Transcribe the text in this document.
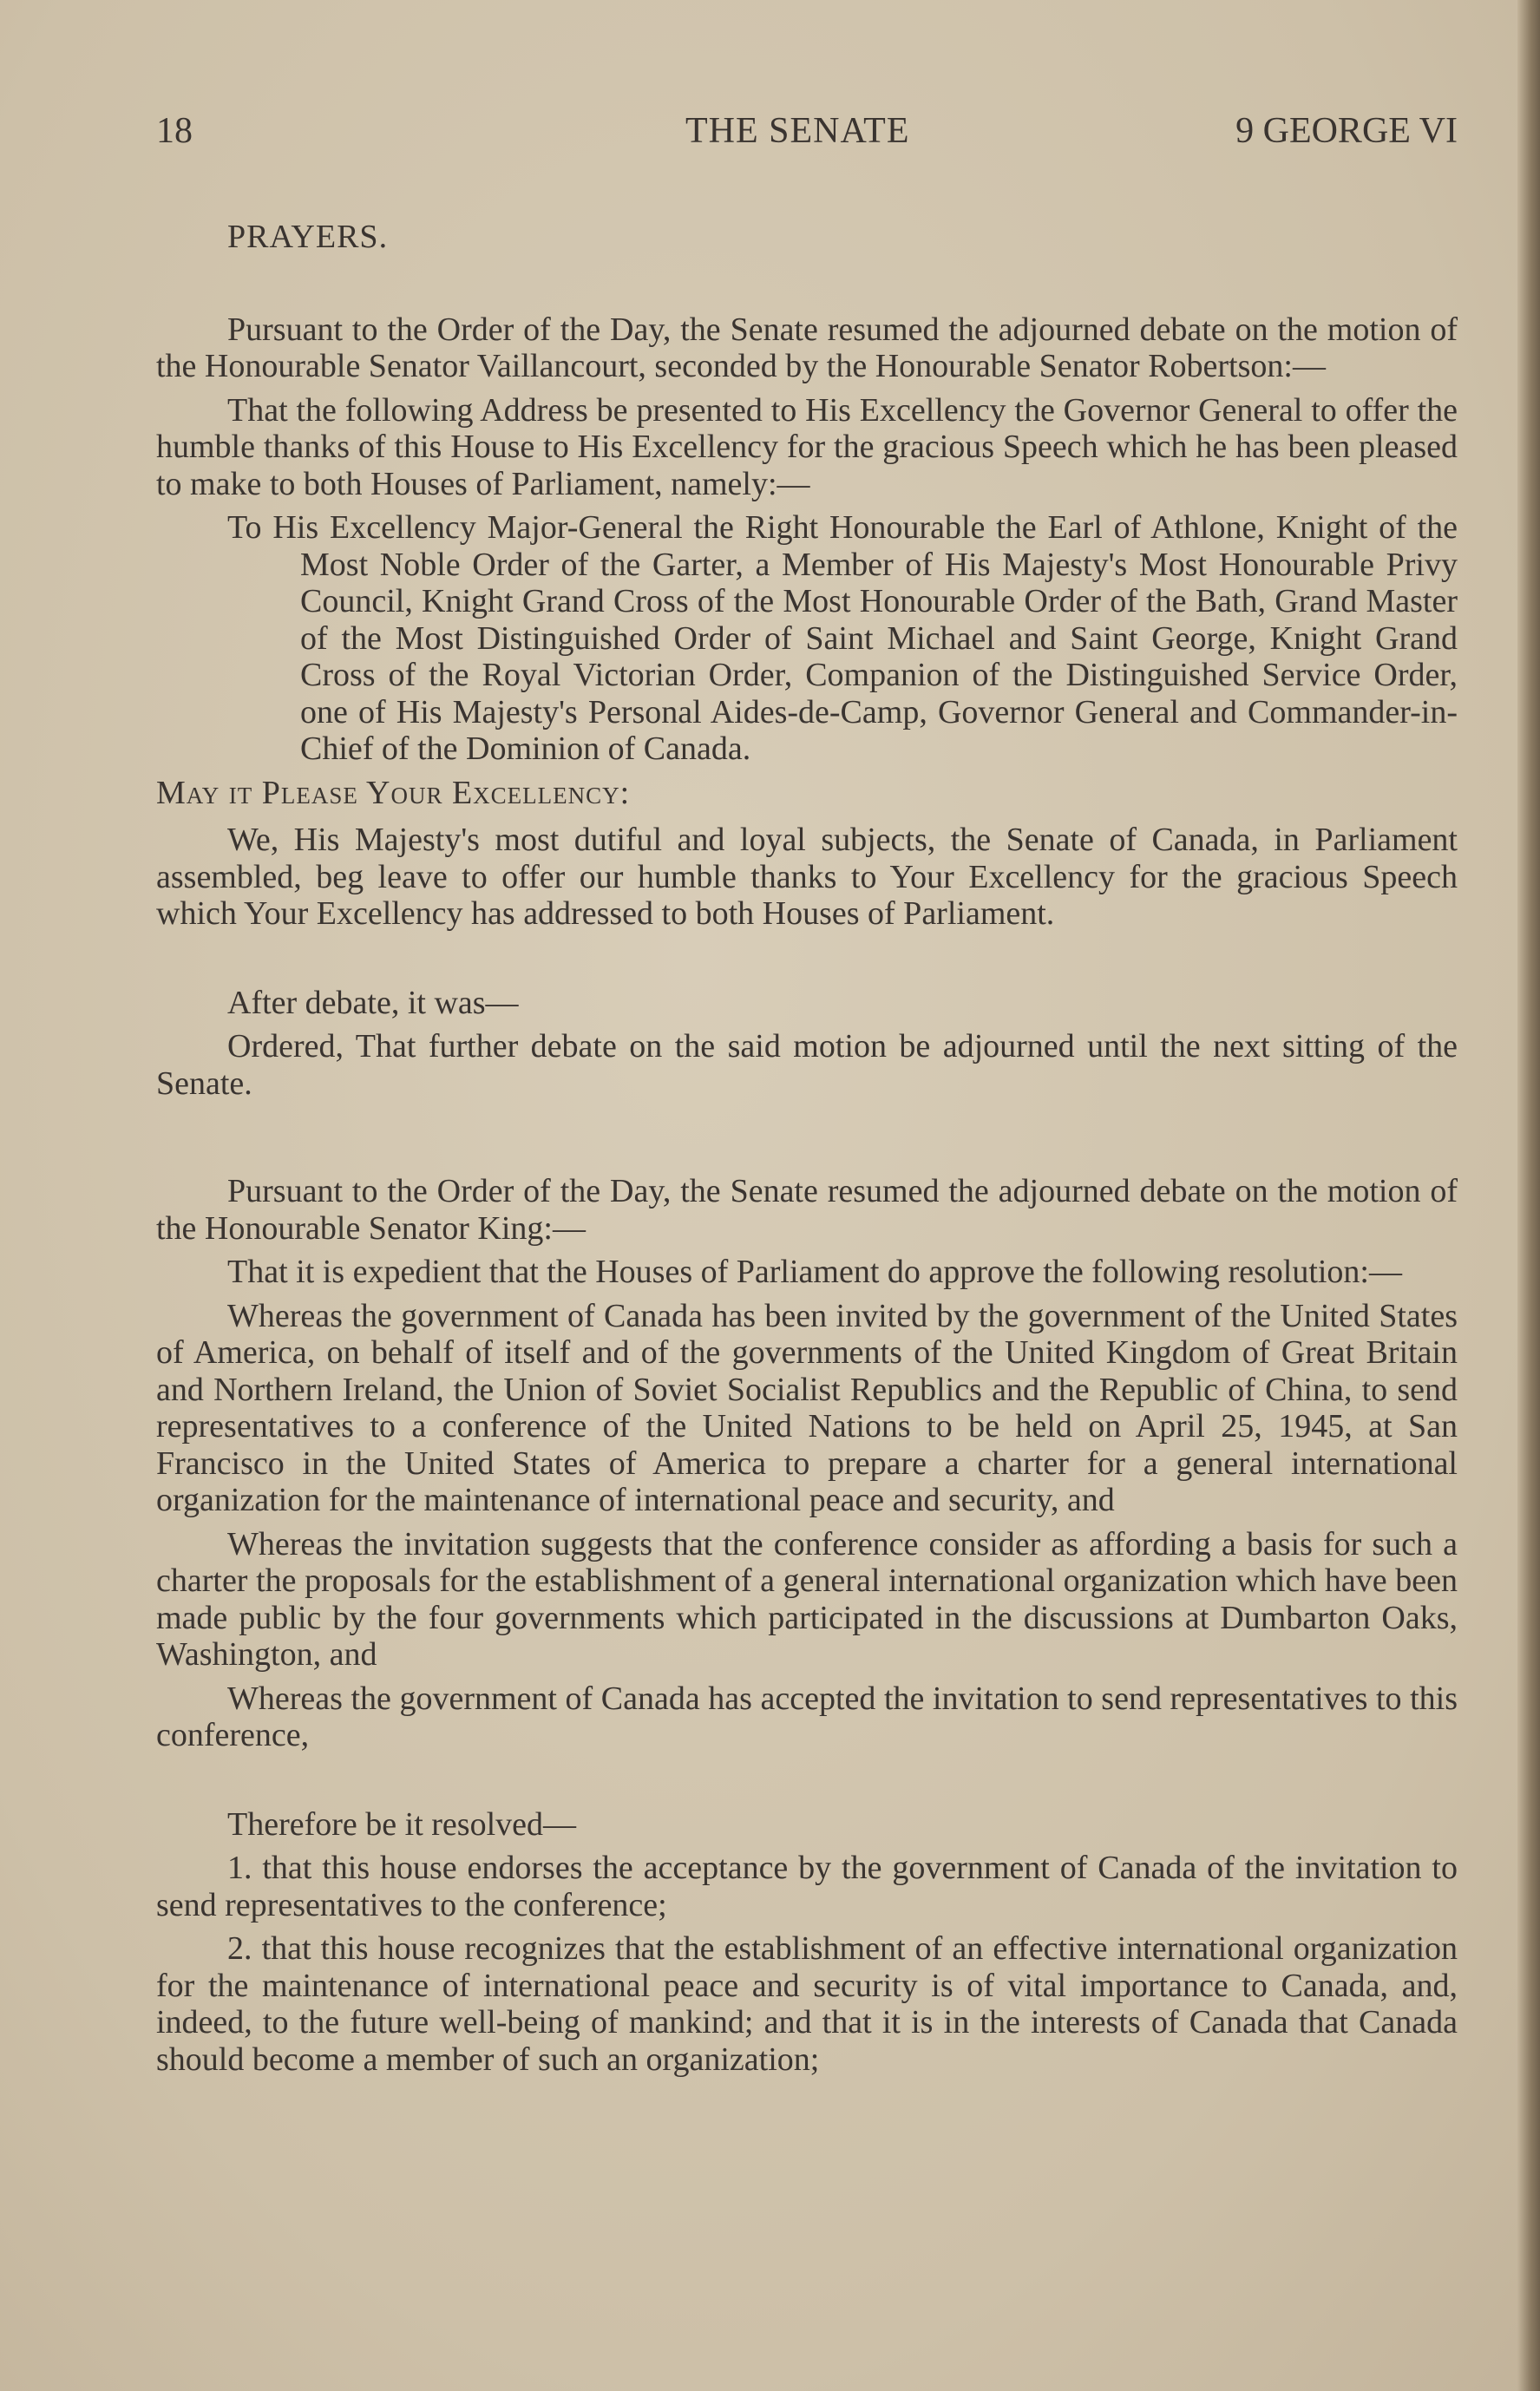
18	THE SENATE	9 GEORGE VI

PRAYERS.

Pursuant to the Order of the Day, the Senate resumed the adjourned debate on the motion of the Honourable Senator Vaillancourt, seconded by the Honourable Senator Robertson:—

That the following Address be presented to His Excellency the Governor General to offer the humble thanks of this House to His Excellency for the gracious Speech which he has been pleased to make to both Houses of Parliament, namely:—

To His Excellency Major-General the Right Honourable the Earl of Athlone, Knight of the Most Noble Order of the Garter, a Member of His Majesty's Most Honourable Privy Council, Knight Grand Cross of the Most Honourable Order of the Bath, Grand Master of the Most Distinguished Order of Saint Michael and Saint George, Knight Grand Cross of the Royal Victorian Order, Companion of the Distinguished Service Order, one of His Majesty's Personal Aides-de-Camp, Governor General and Commander-in-Chief of the Dominion of Canada.

May it Please Your Excellency:

We, His Majesty's most dutiful and loyal subjects, the Senate of Canada, in Parliament assembled, beg leave to offer our humble thanks to Your Excellency for the gracious Speech which Your Excellency has addressed to both Houses of Parliament.

After debate, it was—

Ordered, That further debate on the said motion be adjourned until the next sitting of the Senate.

Pursuant to the Order of the Day, the Senate resumed the adjourned debate on the motion of the Honourable Senator King:—

That it is expedient that the Houses of Parliament do approve the following resolution:—

Whereas the government of Canada has been invited by the government of the United States of America, on behalf of itself and of the governments of the United Kingdom of Great Britain and Northern Ireland, the Union of Soviet Socialist Republics and the Republic of China, to send representatives to a conference of the United Nations to be held on April 25, 1945, at San Francisco in the United States of America to prepare a charter for a general international organization for the maintenance of international peace and security, and

Whereas the invitation suggests that the conference consider as affording a basis for such a charter the proposals for the establishment of a general international organization which have been made public by the four governments which participated in the discussions at Dumbarton Oaks, Washington, and

Whereas the government of Canada has accepted the invitation to send representatives to this conference,

Therefore be it resolved—

1. that this house endorses the acceptance by the government of Canada of the invitation to send representatives to the conference;

2. that this house recognizes that the establishment of an effective international organization for the maintenance of international peace and security is of vital importance to Canada, and, indeed, to the future well-being of mankind; and that it is in the interests of Canada that Canada should become a member of such an organization;
